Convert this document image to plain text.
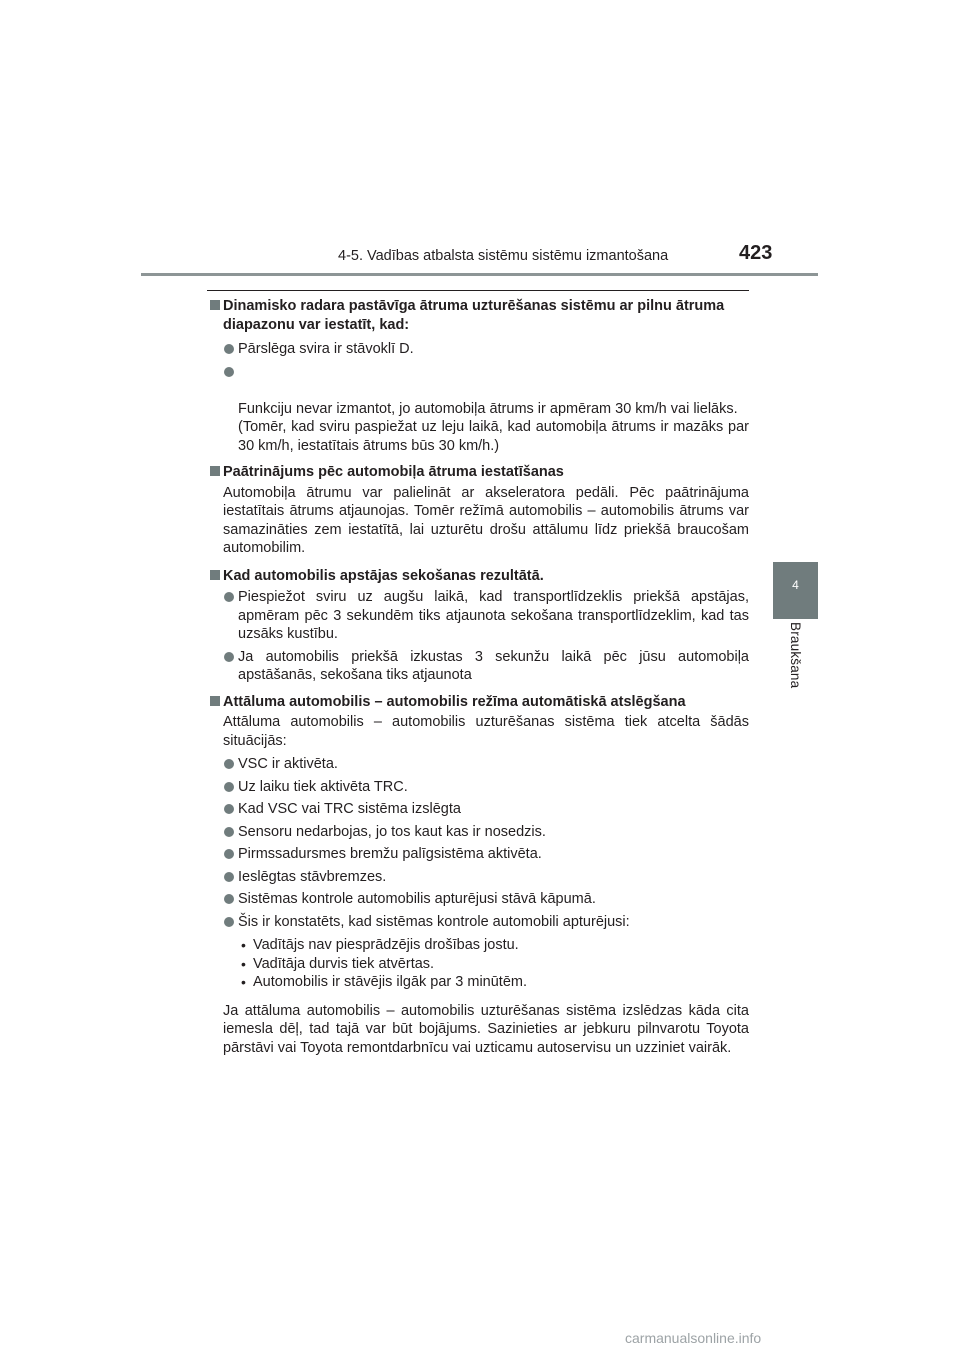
4-5. Vadības atbalsta sistēmu sistēmu izmantošana	423
4
Braukšana
Dinamisko radara pastāvīga ātruma uzturēšanas sistēmu ar pilnu ātruma diapazonu var iestatīt, kad:
Pārslēga svira ir stāvoklī D.

Funkciju nevar izmantot, jo automobiļa ātrums ir apmēram 30 km/h vai lielāks.
(Tomēr, kad sviru paspiežat uz leju laikā, kad automobiļa ātrums ir mazāks par 30 km/h, iestatītais ātrums būs 30 km/h.)

Paātrinājums pēc automobiļa ātruma iestatīšanas
Automobiļa ātrumu var palielināt ar akseleratora pedāli. Pēc paātrinājuma iestatītais ātrums atjaunojas. Tomēr režīmā automobilis – automobilis ātrums var samazināties zem iestatītā, lai uzturētu drošu attālumu līdz priekšā braucošam automobilim.
Kad automobilis apstājas sekošanas rezultātā.
Piespiežot sviru uz augšu laikā, kad transportlīdzeklis priekšā apstājas, apmēram pēc 3 sekundēm tiks atjaunota sekošana transportlīdzeklim, kad tas uzsāks kustību.
Ja automobilis priekšā izkustas 3 sekunžu laikā pēc jūsu automobiļa apstāšanās, sekošana tiks atjaunota
Attāluma automobilis – automobilis režīma automātiskā atslēgšana
Attāluma automobilis – automobilis uzturēšanas sistēma tiek atcelta šādās situācijās:
VSC ir aktivēta.
Uz laiku tiek aktivēta TRC.
Kad VSC vai TRC sistēma izslēgta
Sensoru nedarbojas, jo tos kaut kas ir nosedzis.
Pirmssadursmes bremžu palīgsistēma aktivēta.
Ieslēgtas stāvbremzes.
Sistēmas kontrole automobilis apturējusi stāvā kāpumā.
Šis ir konstatēts, kad sistēmas kontrole automobili apturējusi:
• Vadītājs nav piesprādzējis drošības jostu.
• Vadītāja durvis tiek atvērtas.
• Automobilis ir stāvējis ilgāk par 3 minūtēm.
Ja attāluma automobilis – automobilis uzturēšanas sistēma izslēdzas kāda cita iemesla dēļ, tad tajā var būt bojājums. Sazinieties ar jebkuru pilnvarotu Toyota pārstāvi vai Toyota remontdarbnīcu vai uzticamu autoservisu un uzziniet vairāk.
carmanualsonline.info
